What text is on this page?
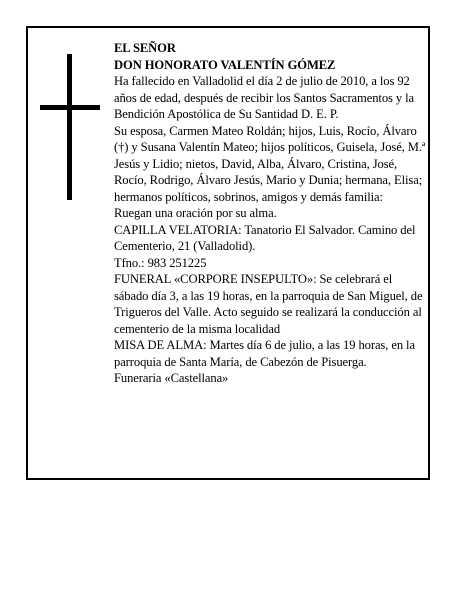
EL SEÑOR

DON HONORATO VALENTÍN GÓMEZ

Ha fallecido en Valladolid el día 2 de julio de 2010, a los 92 años de edad, después de recibir los Santos Sacramentos y la Bendición Apostólica de Su Santidad D. E. P.

Su esposa, Carmen Mateo Roldán; hijos, Luis, Rocío, Álvaro (†) y Susana Valentín Mateo; hijos políticos, Guisela, José, M.ª Jesús y Lidio; nietos, David, Alba, Álvaro, Cristina, José, Rocío, Rodrigo, Álvaro Jesús, Mario y Dunia; hermana, Elisa; hermanos políticos, sobrinos, amigos y demás familia:

Ruegan una oración por su alma.

CAPILLA VELATORIA: Tanatorio El Salvador. Camino del Cementerio, 21 (Valladolid).

Tfno.: 983 251225

FUNERAL «CORPORE INSEPULTO»: Se celebrará el sábado día 3, a las 19 horas, en la parroquia de San Miguel, de Trigueros del Valle. Acto seguido se realizará la conducción al cementerio de la misma localidad

MISA DE ALMA: Martes día 6 de julio, a las 19 horas, en la parroquia de Santa María, de Cabezón de Pisuerga.

Funeraria «Castellana»
